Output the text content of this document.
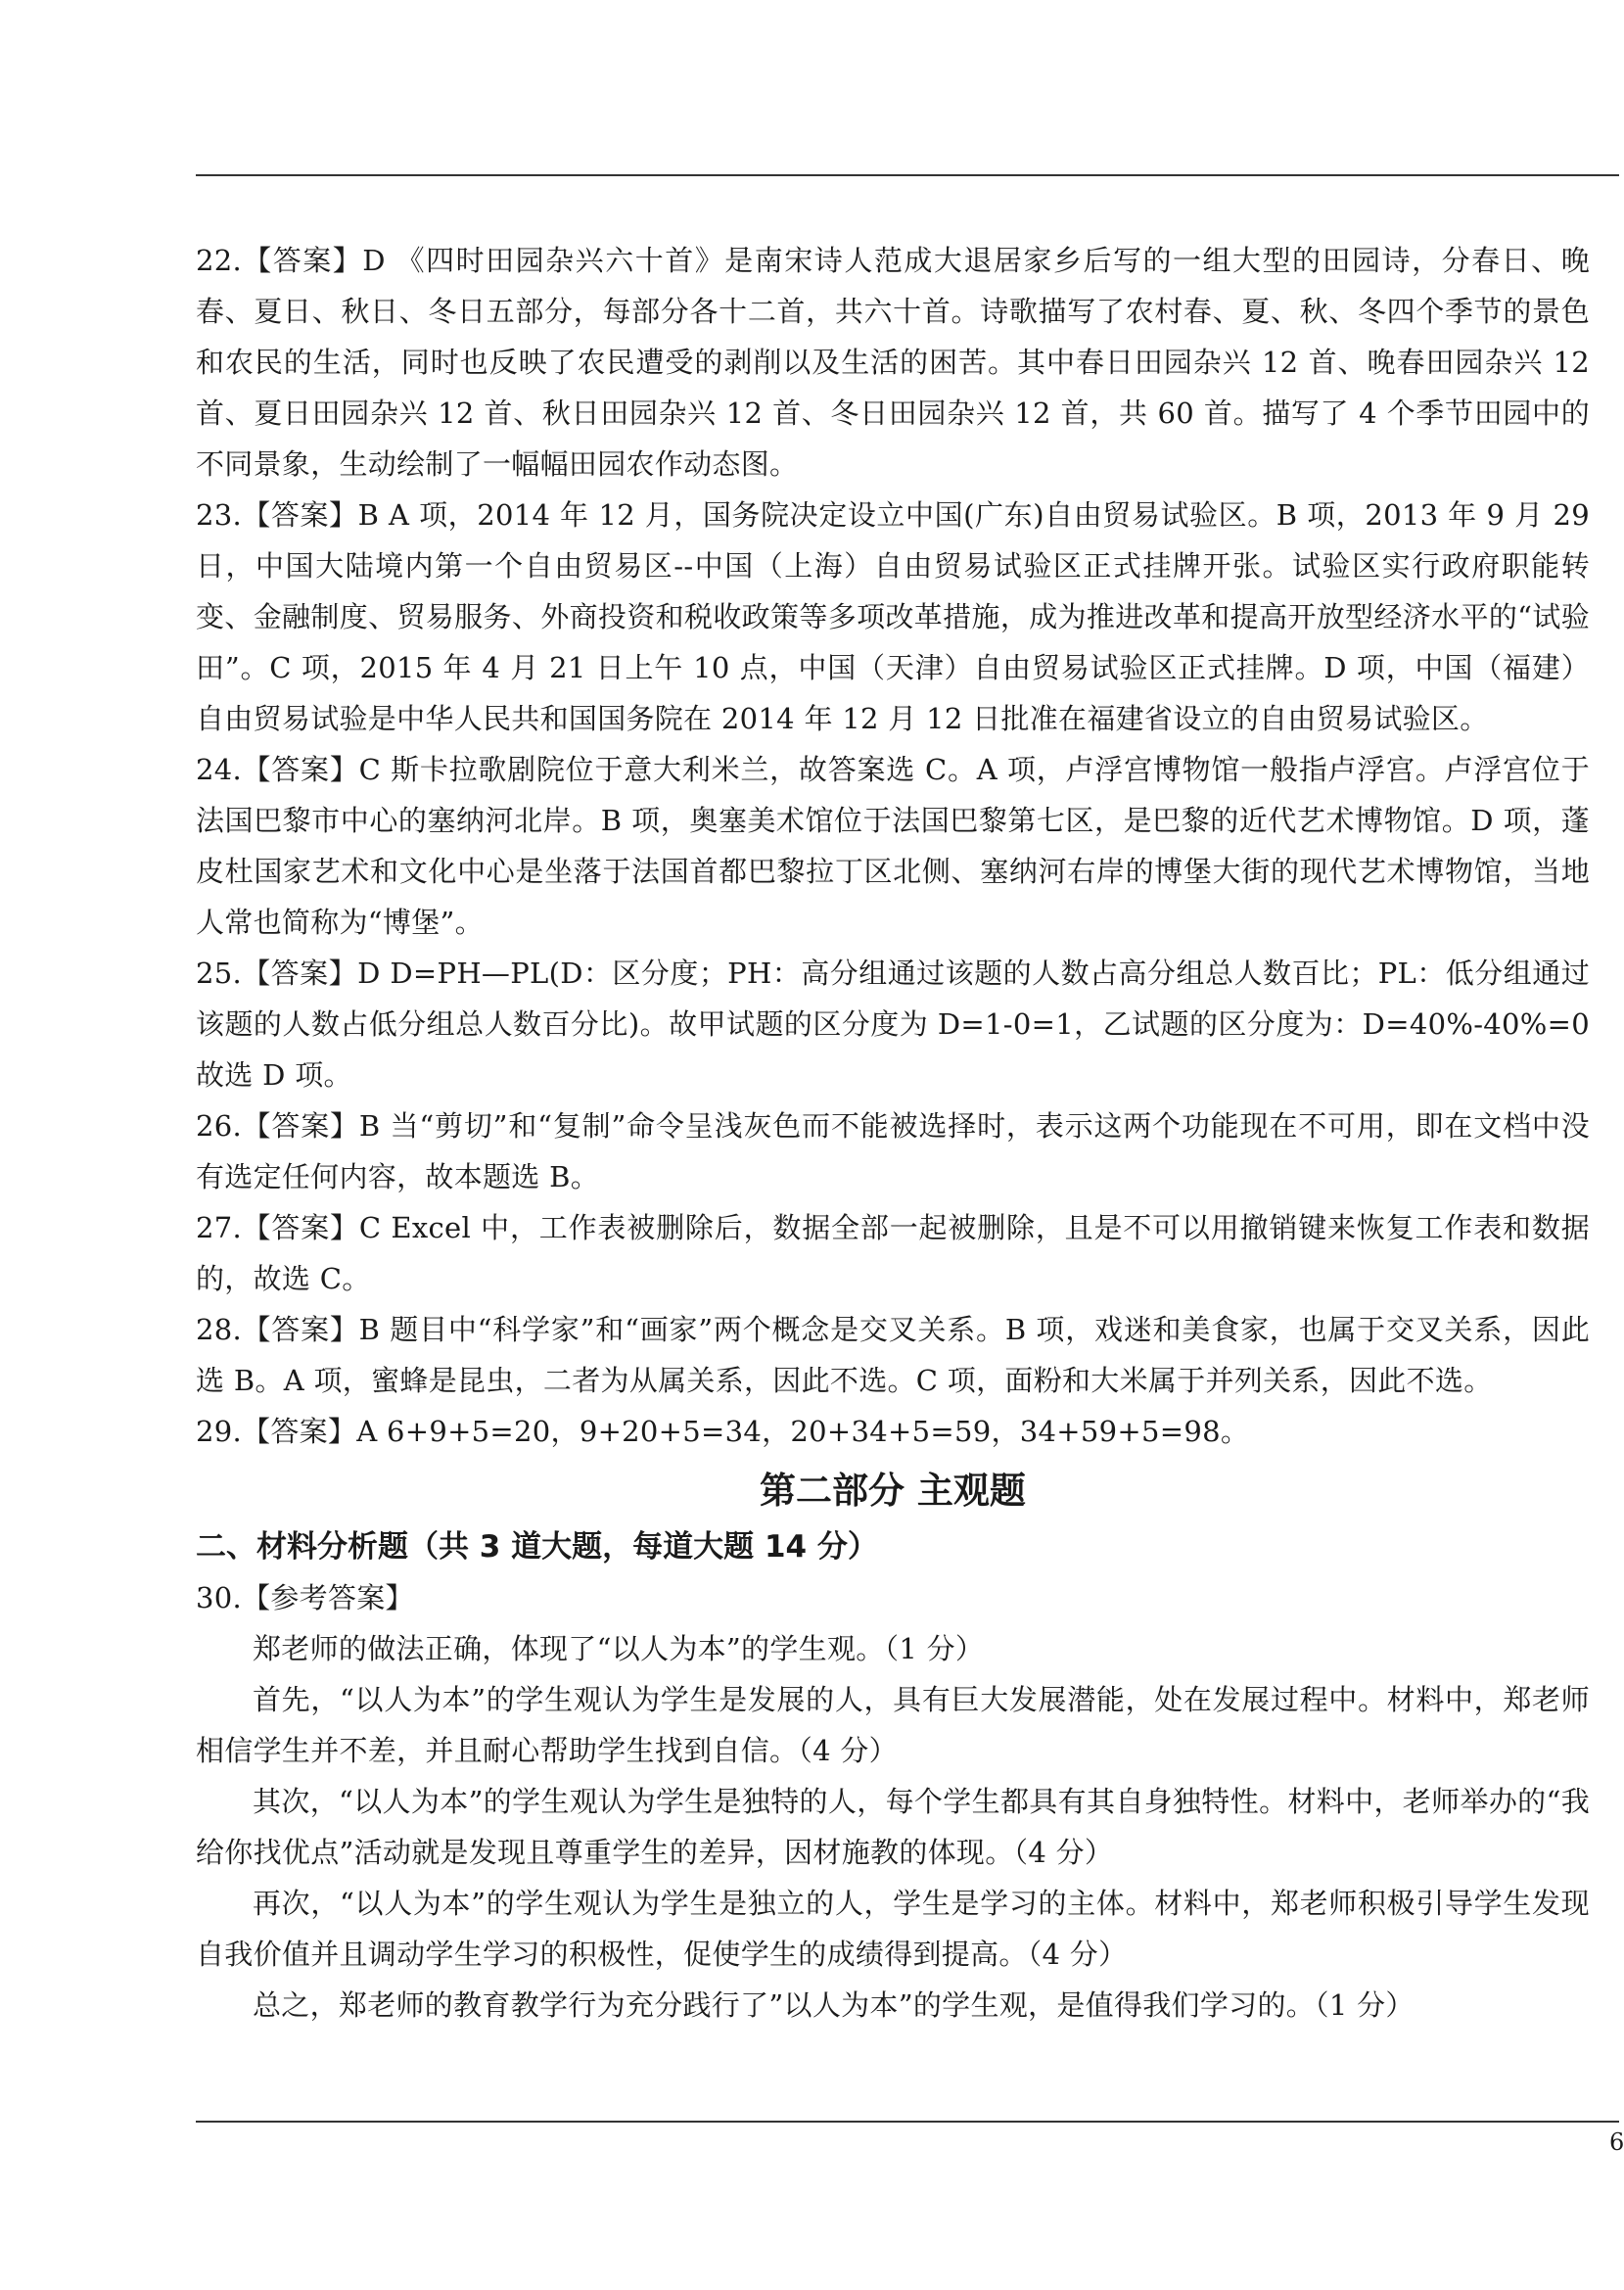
22.【答案】D 《四时田园杂兴六十首》是南宋诗人范成大退居家乡后写的一组大型的田园诗，分春日、晚春、夏日、秋日、冬日五部分，每部分各十二首，共六十首。诗歌描写了农村春、夏、秋、冬四个季节的景色和农民的生活，同时也反映了农民遭受的剥削以及生活的困苦。其中春日田园杂兴 12 首、晚春田园杂兴 12 首、夏日田园杂兴 12 首、秋日田园杂兴 12 首、冬日田园杂兴 12 首，共 60 首。描写了 4 个季节田园中的不同景象，生动绘制了一幅幅田园农作动态图。

23.【答案】B A 项，2014 年 12 月，国务院决定设立中国(广东)自由贸易试验区。B 项，2013 年 9 月 29 日，中国大陆境内第一个自由贸易区--中国（上海）自由贸易试验区正式挂牌开张。试验区实行政府职能转变、金融制度、贸易服务、外商投资和税收政策等多项改革措施，成为推进改革和提高开放型经济水平的“试验田”。C 项，2015 年 4 月 21 日上午 10 点，中国（天津）自由贸易试验区正式挂牌。D 项，中国（福建）自由贸易试验是中华人民共和国国务院在 2014 年 12 月 12 日批准在福建省设立的自由贸易试验区。

24.【答案】C 斯卡拉歌剧院位于意大利米兰，故答案选 C。A 项，卢浮宫博物馆一般指卢浮宫。卢浮宫位于法国巴黎市中心的塞纳河北岸。B 项，奥塞美术馆位于法国巴黎第七区，是巴黎的近代艺术博物馆。D 项，蓬皮杜国家艺术和文化中心是坐落于法国首都巴黎拉丁区北侧、塞纳河右岸的博堡大街的现代艺术博物馆，当地人常也简称为“博堡”。

25.【答案】D D=PH—PL(D：区分度；PH：高分组通过该题的人数占高分组总人数百比；PL：低分组通过该题的人数占低分组总人数百分比)。故甲试题的区分度为 D=1-0=1，乙试题的区分度为：D=40%-40%=0 故选 D 项。

26.【答案】B 当“剪切”和“复制”命令呈浅灰色而不能被选择时，表示这两个功能现在不可用，即在文档中没有选定任何内容，故本题选 B。

27.【答案】C Excel 中，工作表被删除后，数据全部一起被删除，且是不可以用撤销键来恢复工作表和数据的，故选 C。

28.【答案】B 题目中“科学家”和“画家”两个概念是交叉关系。B 项，戏迷和美食家，也属于交叉关系，因此选 B。A 项，蜜蜂是昆虫，二者为从属关系，因此不选。C 项，面粉和大米属于并列关系，因此不选。

29.【答案】A 6+9+5=20，9+20+5=34，20+34+5=59，34+59+5=98。

第二部分 主观题
二、材料分析题（共 3 道大题，每道大题 14 分）

30.【参考答案】

郑老师的做法正确，体现了“以人为本”的学生观。（1 分）

首先，“以人为本”的学生观认为学生是发展的人，具有巨大发展潜能，处在发展过程中。材料中，郑老师相信学生并不差，并且耐心帮助学生找到自信。（4 分）

其次，“以人为本”的学生观认为学生是独特的人，每个学生都具有其自身独特性。材料中，老师举办的“我给你找优点”活动就是发现且尊重学生的差异，因材施教的体现。（4 分）

再次，“以人为本”的学生观认为学生是独立的人，学生是学习的主体。材料中，郑老师积极引导学生发现自我价值并且调动学生学习的积极性，促使学生的成绩得到提高。（4 分）

总之，郑老师的教育教学行为充分践行了”以人为本”的学生观，是值得我们学习的。（1 分）

6
